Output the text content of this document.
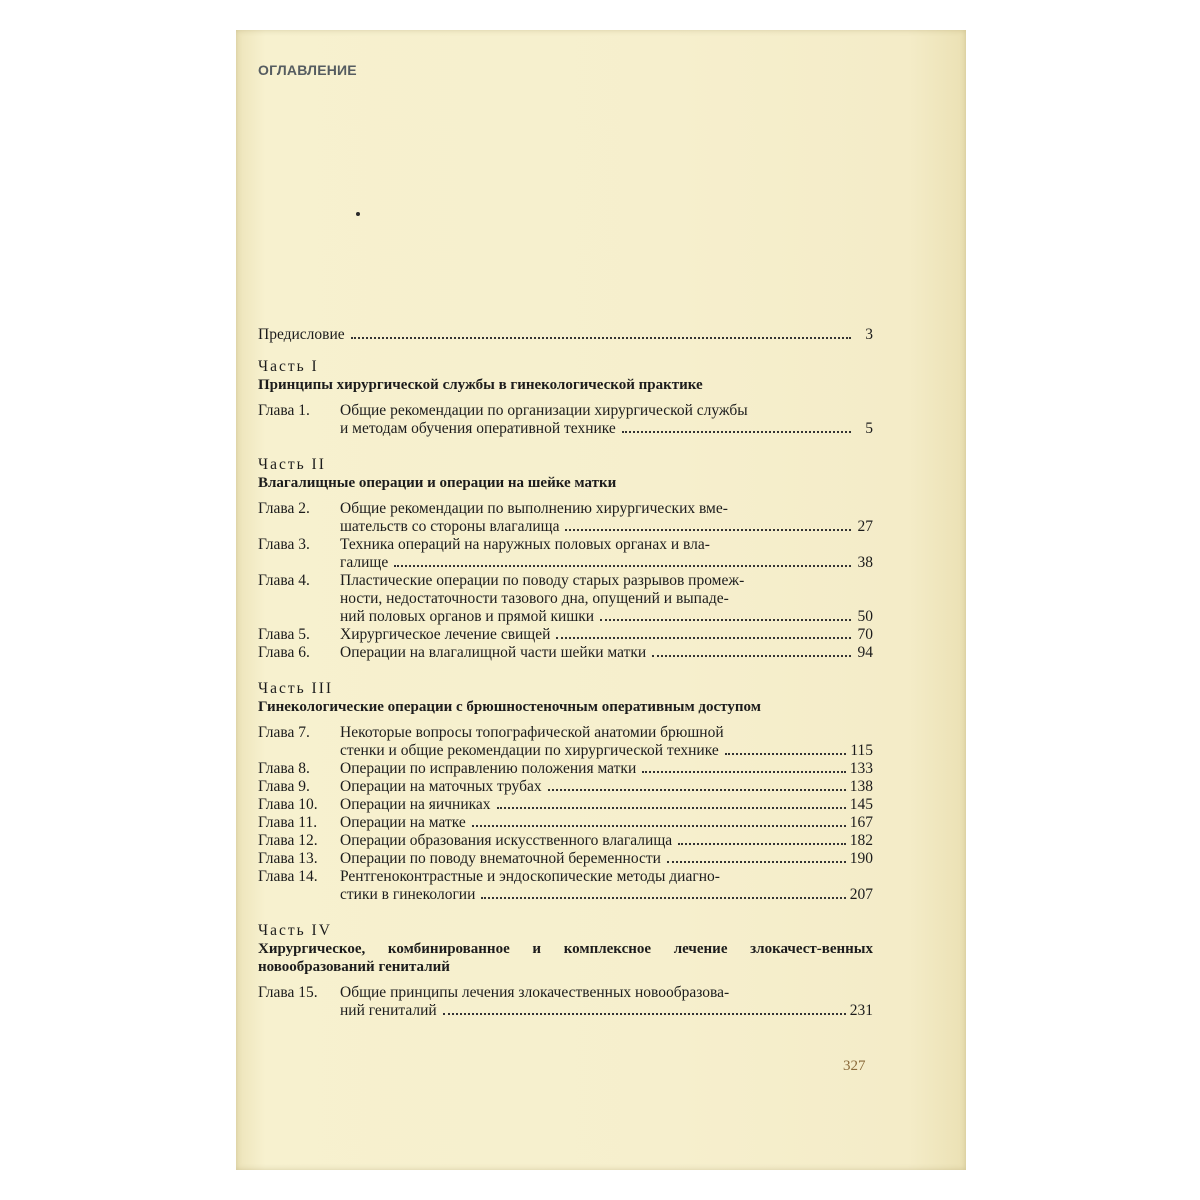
ОГЛАВЛЕНИЕ
Предисловие	3
Часть I
Принципы хирургической службы в гинекологической практике
Глава 1.	Общие рекомендации по организации хирургической службы
и методам обучения оперативной технике	5
Часть II
Влагалищные операции и операции на шейке матки
Глава 2.	Общие рекомендации по выполнению хирургических вме-
шательств со стороны влагалища	27
Глава 3.	Техника операций на наружных половых органах и вла-
галище	38
Глава 4.	Пластические операции по поводу старых разрывов промеж-
ности, недостаточности тазового дна, опущений и выпаде-
ний половых органов и прямой кишки	50
Глава 5.	Хирургическое лечение свищей	70
Глава 6.	Операции на влагалищной части шейки матки	94
Часть III
Гинекологические операции с брюшностеночным оперативным доступом
Глава 7.	Некоторые вопросы топографической анатомии брюшной
стенки и общие рекомендации по хирургической технике	115
Глава 8.	Операции по исправлению положения матки	133
Глава 9.	Операции на маточных трубах	138
Глава 10.	Операции на яичниках	145
Глава 11.	Операции на матке	167
Глава 12.	Операции образования искусственного влагалища	182
Глава 13.	Операции по поводу внематочной беременности	190
Глава 14.	Рентгеноконтрастные и эндоскопические методы диагно-
стики в гинекологии	207
Часть IV
Хирургическое, комбинированное и комплексное лечение злокачест-венных новообразований гениталий
Глава 15.	Общие принципы лечения злокачественных новообразова-
ний гениталий	231
327
